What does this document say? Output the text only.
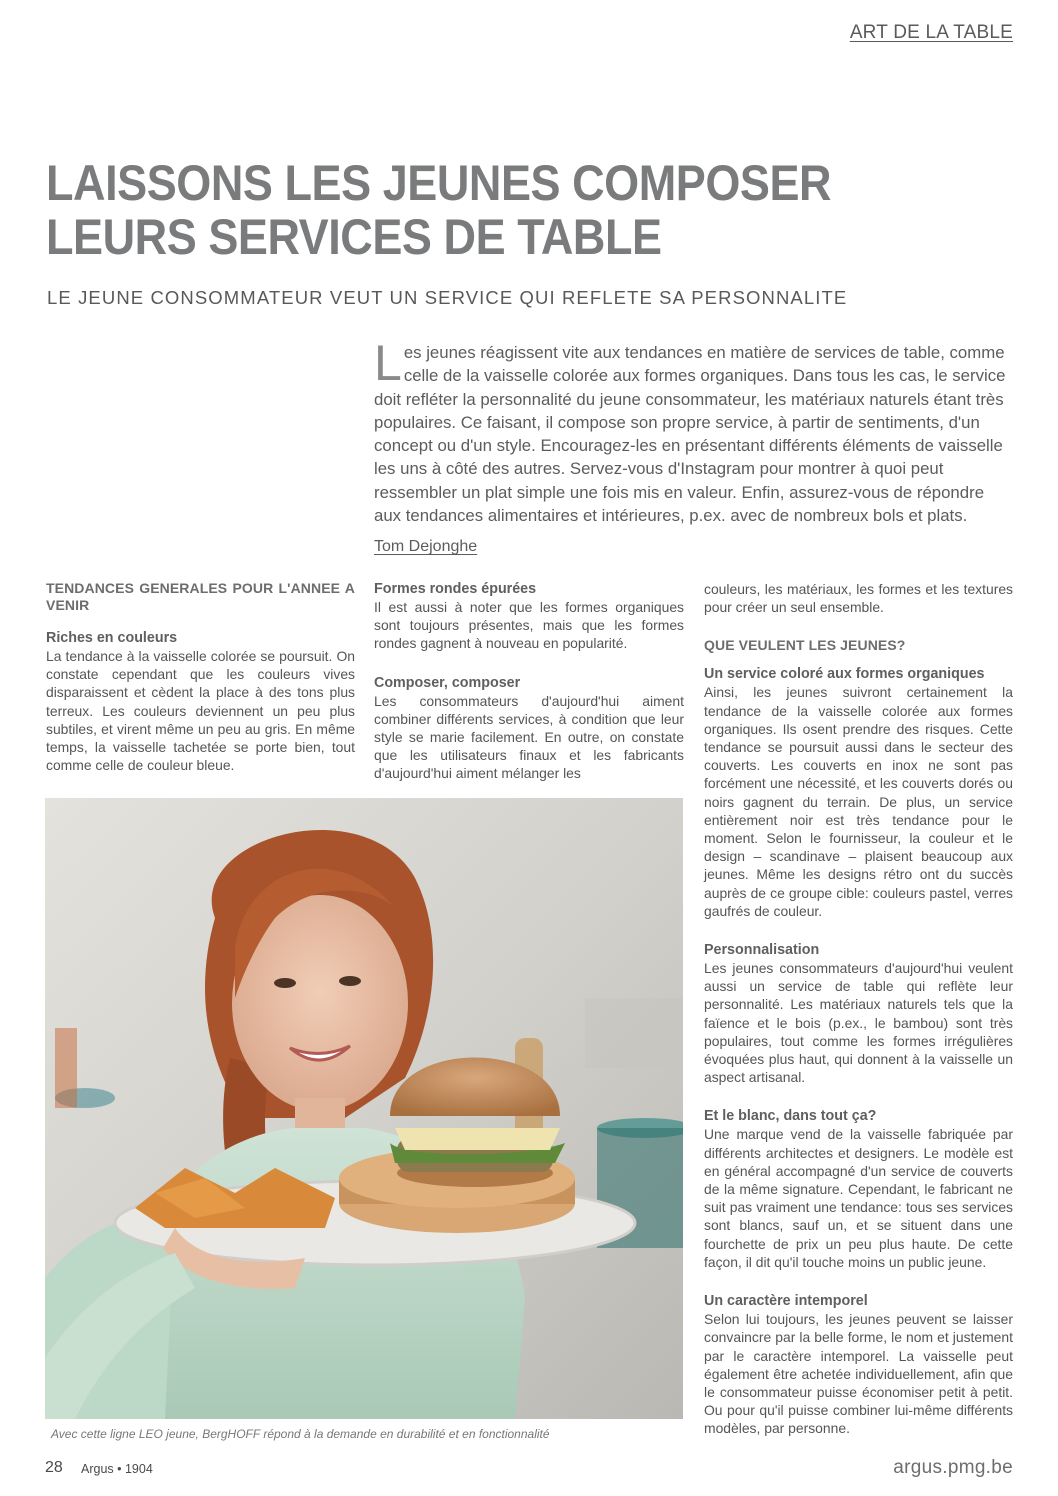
ART DE LA TABLE
LAISSONS LES JEUNES COMPOSER
LEURS SERVICES DE TABLE
LE JEUNE CONSOMMATEUR VEUT UN SERVICE QUI REFLETE SA PERSONNALITE
Les jeunes réagissent vite aux tendances en matière de services de table, comme celle de la vaisselle colorée aux formes organiques. Dans tous les cas, le service doit refléter la personnalité du jeune consommateur, les matériaux naturels étant très populaires. Ce faisant, il compose son propre service, à partir de sentiments, d'un concept ou d'un style. Encouragez-les en présentant différents éléments de vaisselle les uns à côté des autres. Servez-vous d'Instagram pour montrer à quoi peut ressembler un plat simple une fois mis en valeur. Enfin, assurez-vous de répondre aux tendances alimentaires et intérieures, p.ex. avec de nombreux bols et plats.
Tom Dejonghe
TENDANCES GENERALES POUR L'ANNEE A VENIR
Riches en couleurs

La tendance à la vaisselle colorée se poursuit. On constate cependant que les couleurs vives disparaissent et cèdent la place à des tons plus terreux. Les couleurs deviennent un peu plus subtiles, et virent même un peu au gris. En même temps, la vaisselle tachetée se porte bien, tout comme celle de couleur bleue.

Formes rondes épurées

Il est aussi à noter que les formes organiques sont toujours présentes, mais que les formes rondes gagnent à nouveau en popularité.

Composer, composer

Les consommateurs d'aujourd'hui aiment combiner différents services, à condition que leur style se marie facilement. En outre, on constate que les utilisateurs finaux et les fabricants d'aujourd'hui aiment mélanger les

couleurs, les matériaux, les formes et les textures pour créer un seul ensemble.

QUE VEULENT LES JEUNES?
Un service coloré aux formes organiques

Ainsi, les jeunes suivront certainement la tendance de la vaisselle colorée aux formes organiques. Ils osent prendre des risques. Cette tendance se poursuit aussi dans le secteur des couverts. Les couverts en inox ne sont pas forcément une nécessité, et les couverts dorés ou noirs gagnent du terrain. De plus, un service entièrement noir est très tendance pour le moment. Selon le fournisseur, la couleur et le design – scandinave – plaisent beaucoup aux jeunes. Même les designs rétro ont du succès auprès de ce groupe cible: couleurs pastel, verres gaufrés de couleur.

Personnalisation

Les jeunes consommateurs d'aujourd'hui veulent aussi un service de table qui reflète leur personnalité. Les matériaux naturels tels que la faïence et le bois (p.ex., le bambou) sont très populaires, tout comme les formes irrégulières évoquées plus haut, qui donnent à la vaisselle un aspect artisanal.

Et le blanc, dans tout ça?

Une marque vend de la vaisselle fabriquée par différents architectes et designers. Le modèle est en général accompagné d'un service de couverts de la même signature. Cependant, le fabricant ne suit pas vraiment une tendance: tous ses services sont blancs, sauf un, et se situent dans une fourchette de prix un peu plus haute. De cette façon, il dit qu'il touche moins un public jeune.

Un caractère intemporel

Selon lui toujours, les jeunes peuvent se laisser convaincre par la belle forme, le nom et justement par le caractère intemporel. La vaisselle peut également être achetée individuellement, afin que le consommateur puisse économiser petit à petit. Ou pour qu'il puisse combiner lui-même différents modèles, par personne.

Avec cette ligne LEO jeune, BergHOFF répond à la demande en durabilité et en fonctionnalité
28 Argus • 1904	argus.pmg.be
